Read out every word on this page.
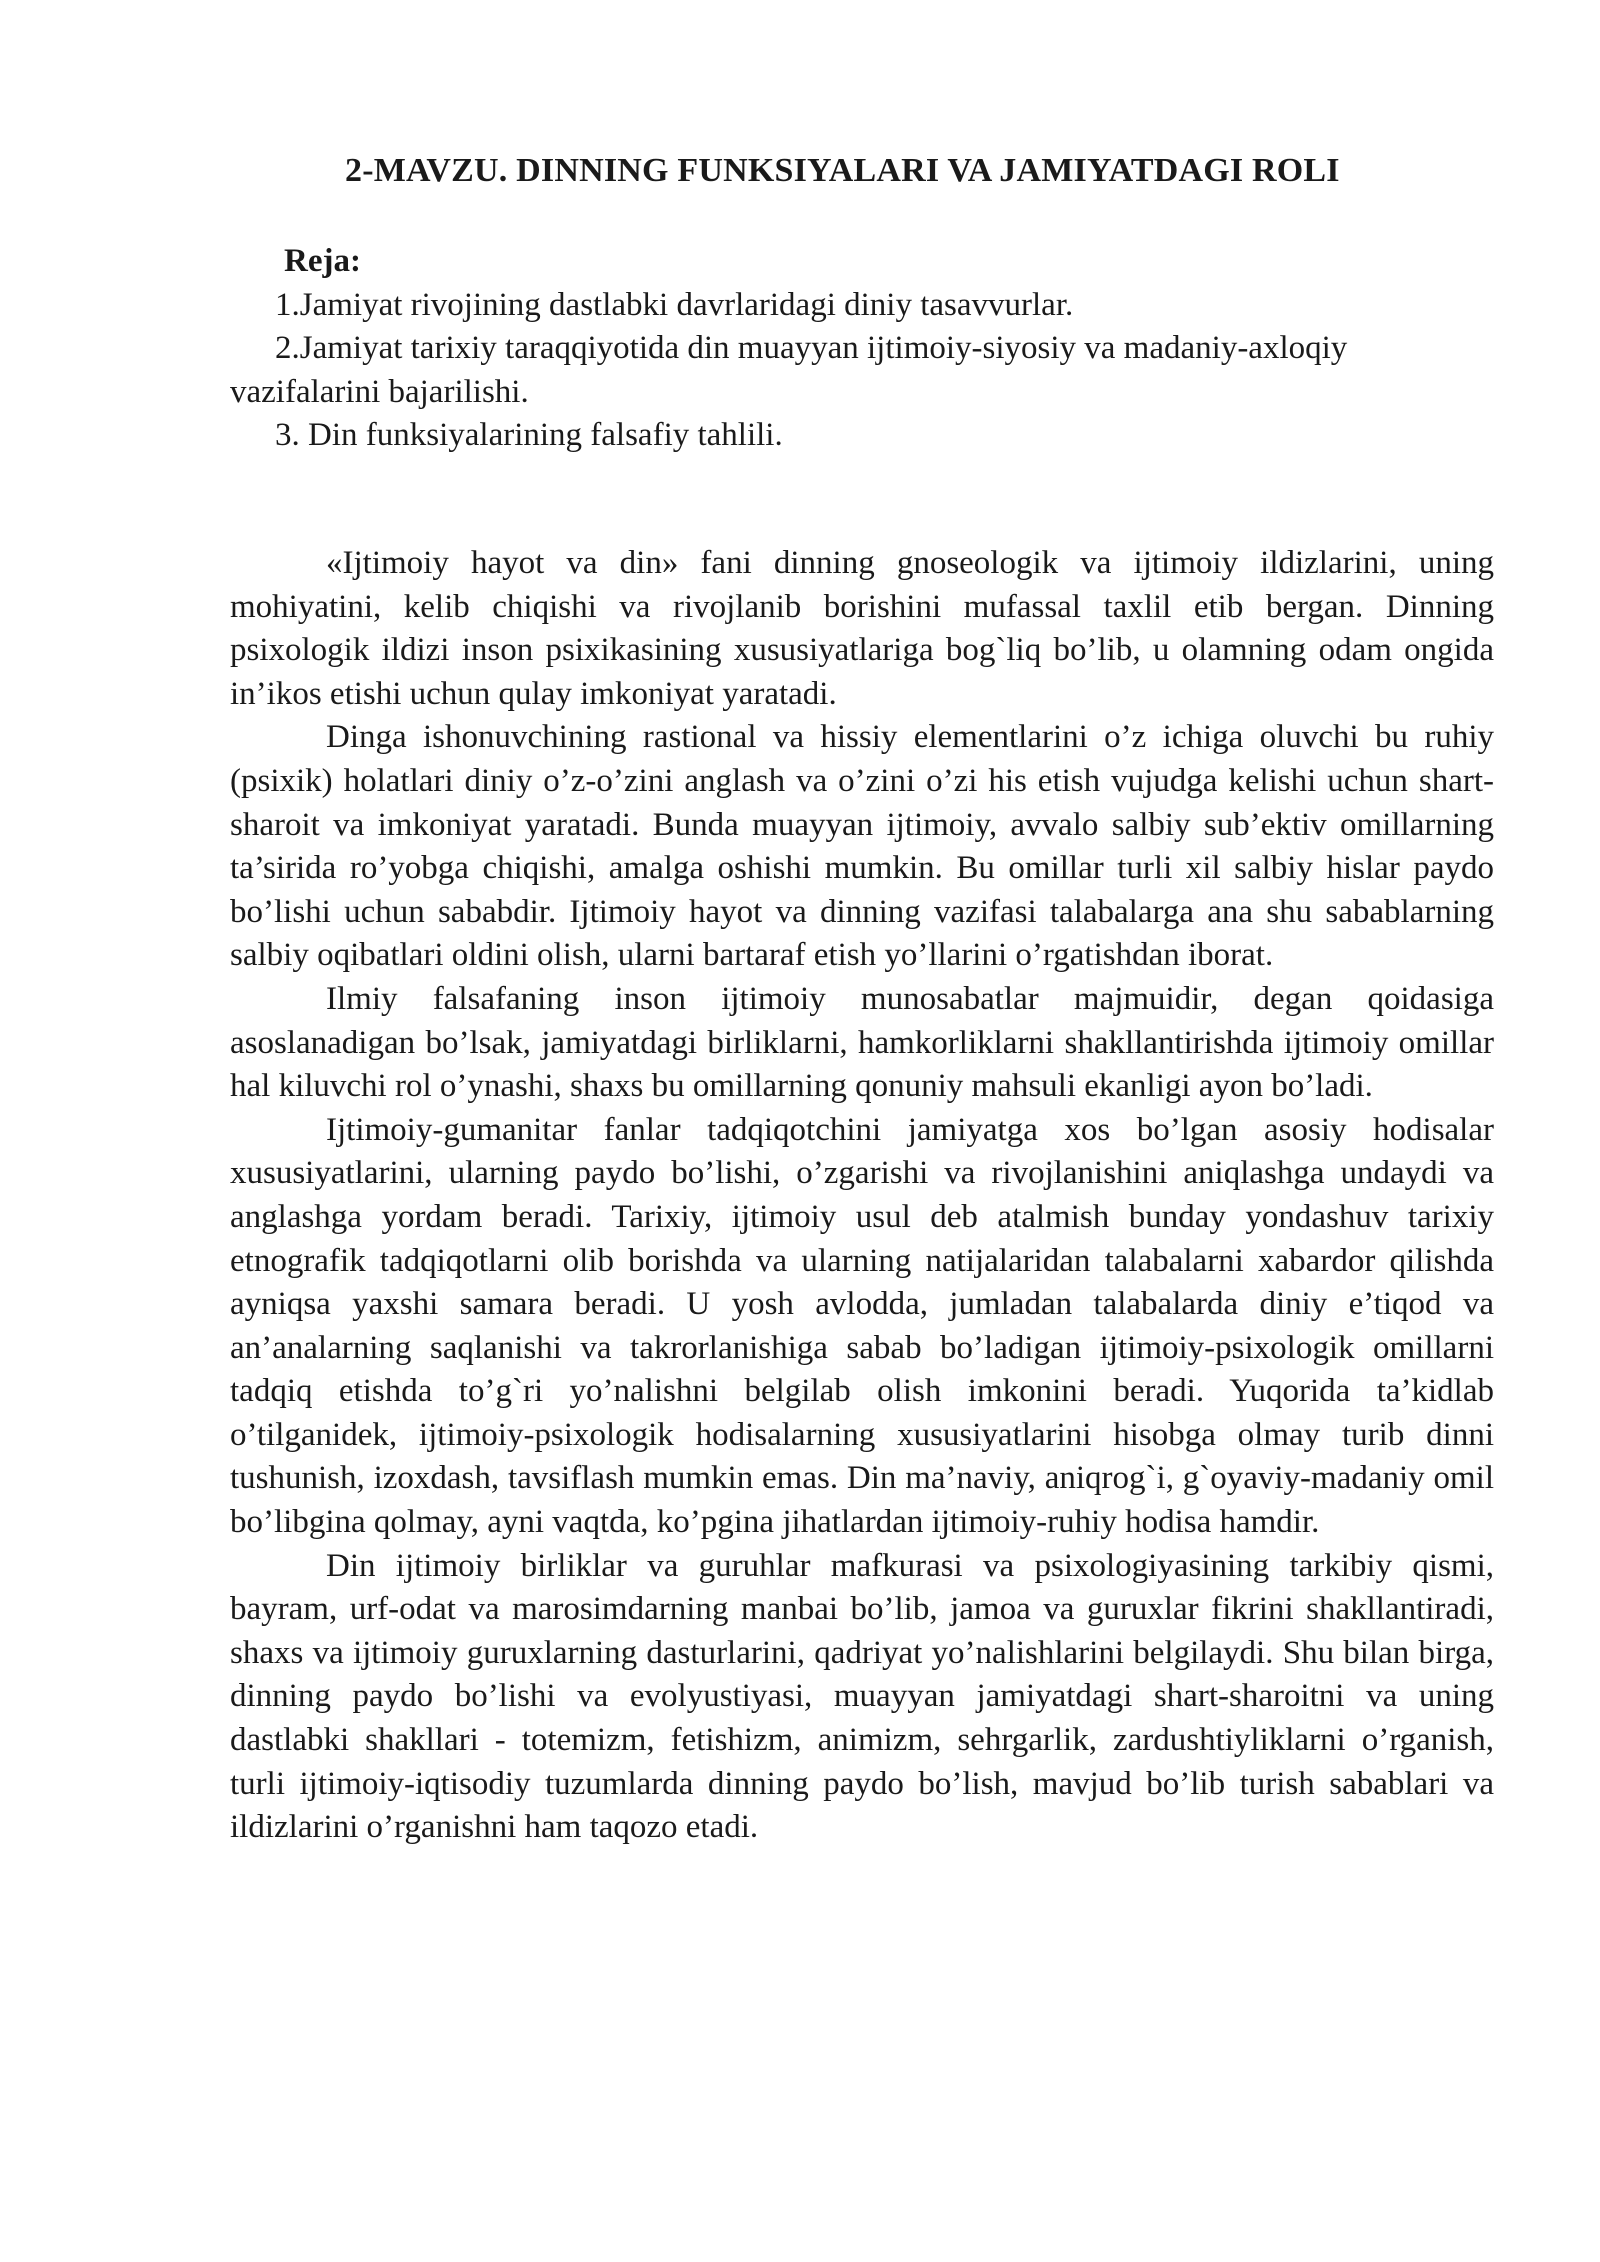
2-MAVZU. DINNING FUNKSIYALARI VA JAMIYATDAGI ROLI
Reja:
1.Jamiyat rivojining dastlabki davrlaridagi diniy tasavvurlar.
2.Jamiyat tarixiy taraqqiyotida din muayyan ijtimoiy-siyosiy va madaniy-axloqiy vazifalarini bajarilishi.
3. Din funksiyalarining falsafiy tahlili.

«Ijtimoiy hayot va din» fani dinning gnoseologik va ijtimoiy ildizlarini, uning mohiyatini, kelib chiqishi va rivojlanib borishini mufassal taxlil etib bergan. Dinning psixologik ildizi inson psixikasining xususiyatlariga bog`liq bo’lib, u olamning odam ongida in’ikos etishi uchun qulay imkoniyat yaratadi.

Dinga ishonuvchining rastional va hissiy elementlarini o’z ichiga oluvchi bu ruhiy (psixik) holatlari diniy o’z-o’zini anglash va o’zini o’zi his etish vujudga kelishi uchun shart-sharoit va imkoniyat yaratadi. Bunda muayyan ijtimoiy, avvalo salbiy sub’ektiv omillarning ta’sirida ro’yobga chiqishi, amalga oshishi mumkin. Bu omillar turli xil salbiy hislar paydo bo’lishi uchun sababdir. Ijtimoiy hayot va dinning vazifasi talabalarga ana shu sabablarning salbiy oqibatlari oldini olish, ularni bartaraf etish yo’llarini o’rgatishdan iborat.

Ilmiy falsafaning inson ijtimoiy munosabatlar majmuidir, degan qoidasiga asoslanadigan bo’lsak, jamiyatdagi birliklarni, hamkorliklarni shakllantirishda ijtimoiy omillar hal kiluvchi rol o’ynashi, shaxs bu omillarning qonuniy mahsuli ekanligi ayon bo’ladi.

Ijtimoiy-gumanitar fanlar tadqiqotchini jamiyatga xos bo’lgan asosiy hodisalar xususiyatlarini, ularning paydo bo’lishi, o’zgarishi va rivojlanishini aniqlashga undaydi va anglashga yordam beradi. Tarixiy, ijtimoiy usul deb atalmish bunday yondashuv tarixiy etnografik tadqiqotlarni olib borishda va ularning natijalaridan talabalarni xabardor qilishda ayniqsa yaxshi samara beradi. U yosh avlodda, jumladan talabalarda diniy e’tiqod va an’analarning saqlanishi va takrorlanishiga sabab bo’ladigan ijtimoiy-psixologik omillarni tadqiq etishda to’g`ri yo’nalishni belgilab olish imkonini beradi. Yuqorida ta’kidlab o’tilganidek, ijtimoiy-psixologik hodisalarning xususiyatlarini hisobga olmay turib dinni tushunish, izoxdash, tavsiflash mumkin emas. Din ma’naviy, aniqrog`i, g`oyaviy-madaniy omil bo’libgina qolmay, ayni vaqtda, ko’pgina jihatlardan ijtimoiy-ruhiy hodisa hamdir.

Din ijtimoiy birliklar va guruhlar mafkurasi va psixologiyasining tarkibiy qismi, bayram, urf-odat va marosimdarning manbai bo’lib, jamoa va guruxlar fikrini shakllantiradi, shaxs va ijtimoiy guruxlarning dasturlarini, qadriyat yo’nalishlarini belgilaydi. Shu bilan birga, dinning paydo bo’lishi va evolyustiyasi, muayyan jamiyatdagi shart-sharoitni va uning dastlabki shakllari - totemizm, fetishizm, animizm, sehrgarlik, zardushtiyliklarni o’rganish, turli ijtimoiy-iqtisodiy tuzumlarda dinning paydo bo’lish, mavjud bo’lib turish sabablari va ildizlarini o’rganishni ham taqozo etadi.
